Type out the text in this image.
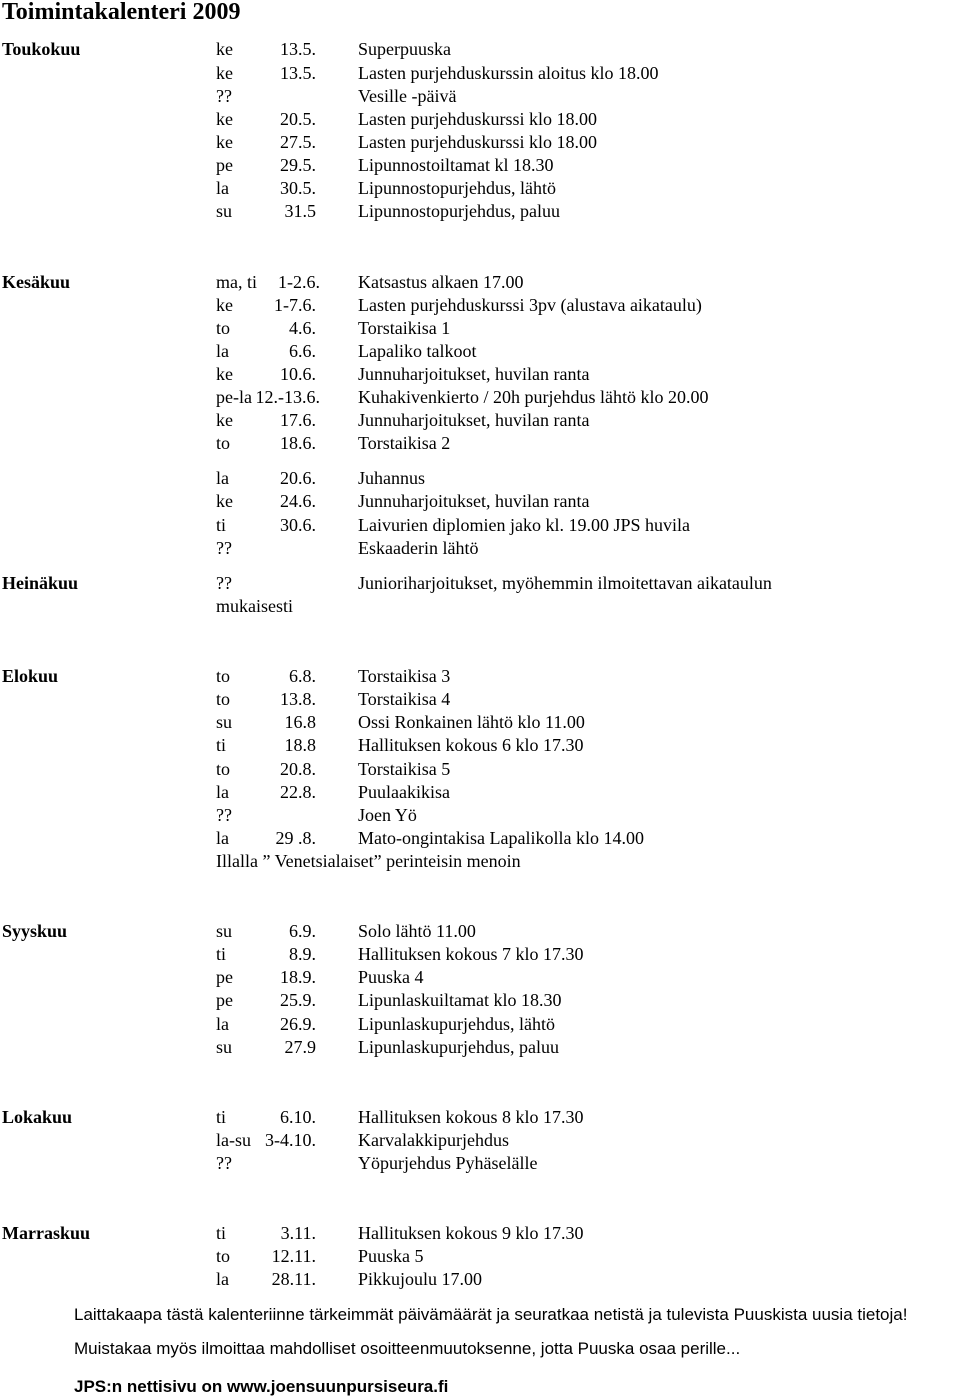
Toimintakalenteri 2009
Toukokuu	ke	13.5. Superpuuska
ke	13.5. Lasten purjehduskurssin aloitus klo 18.00
??	Vesille -päivä
ke	20.5. Lasten purjehduskurssi klo 18.00
ke	27.5. Lasten purjehduskurssi klo 18.00
pe	29.5. Lipunnostoiltamat kl 18.30
la	30.5. Lipunnostopurjehdus, lähtö
su	31.5 Lipunnostopurjehdus, paluu
Kesäkuu	ma, ti 1-2.6. Katsastus alkaen 17.00
ke 1-7.6. Lasten purjehduskurssi 3pv (alustava aikataulu)
to	4.6. Torstaikisa 1
la	6.6. Lapaliko talkoot
ke	10.6. Junnuharjoitukset, huvilan ranta
pe-la 12.-13.6. Kuhakivenkierto / 20h purjehdus lähtö klo 20.00
ke	17.6. Junnuharjoitukset, huvilan ranta
to	18.6. Torstaikisa 2
la	20.6. Juhannus
ke	24.6. Junnuharjoitukset, huvilan ranta
ti	30.6. Laivurien diplomien jako kl. 19.00 JPS huvila
??	Eskaaderin lähtö
Heinäkuu	??	Junioriharjoitukset, myöhemmin ilmoitettavan aikataulun
mukaisesti
Elokuu	to	6.8. Torstaikisa 3
to	13.8. Torstaikisa 4
su	16.8 Ossi Ronkainen lähtö klo 11.00
ti	18.8 Hallituksen kokous 6 klo 17.30
to	20.8. Torstaikisa 5
la	22.8. Puulaakikisa
??	Joen Yö
la	29 .8. Mato-ongintakisa Lapalikolla klo 14.00
Illalla ” Venetsialaiset” perinteisin menoin
Syyskuu	su	6.9. Solo lähtö 11.00
ti	8.9. Hallituksen kokous 7 klo 17.30
pe	18.9. Puuska 4
pe	25.9. Lipunlaskuiltamat klo 18.30
la	26.9. Lipunlaskupurjehdus, lähtö
su	27.9 Lipunlaskupurjehdus, paluu
Lokakuu	ti	6.10. Hallituksen kokous 8 klo 17.30
la-su 3-4.10. Karvalakkipurjehdus
??	Yöpurjehdus Pyhäselälle
Marraskuu	ti	3.11. Hallituksen kokous 9 klo 17.30
to 12.11. Puuska 5
la 28.11. Pikkujoulu 17.00
Laittakaapa tästä kalenteriinne tärkeimmät päivämäärät ja seuratkaa netistä ja tulevista Puuskista uusia tietoja!
Muistakaa myös ilmoittaa mahdolliset osoitteenmuutoksenne, jotta Puuska osaa perille...
JPS:n nettisivu on www.joensuunpursiseura.fi
